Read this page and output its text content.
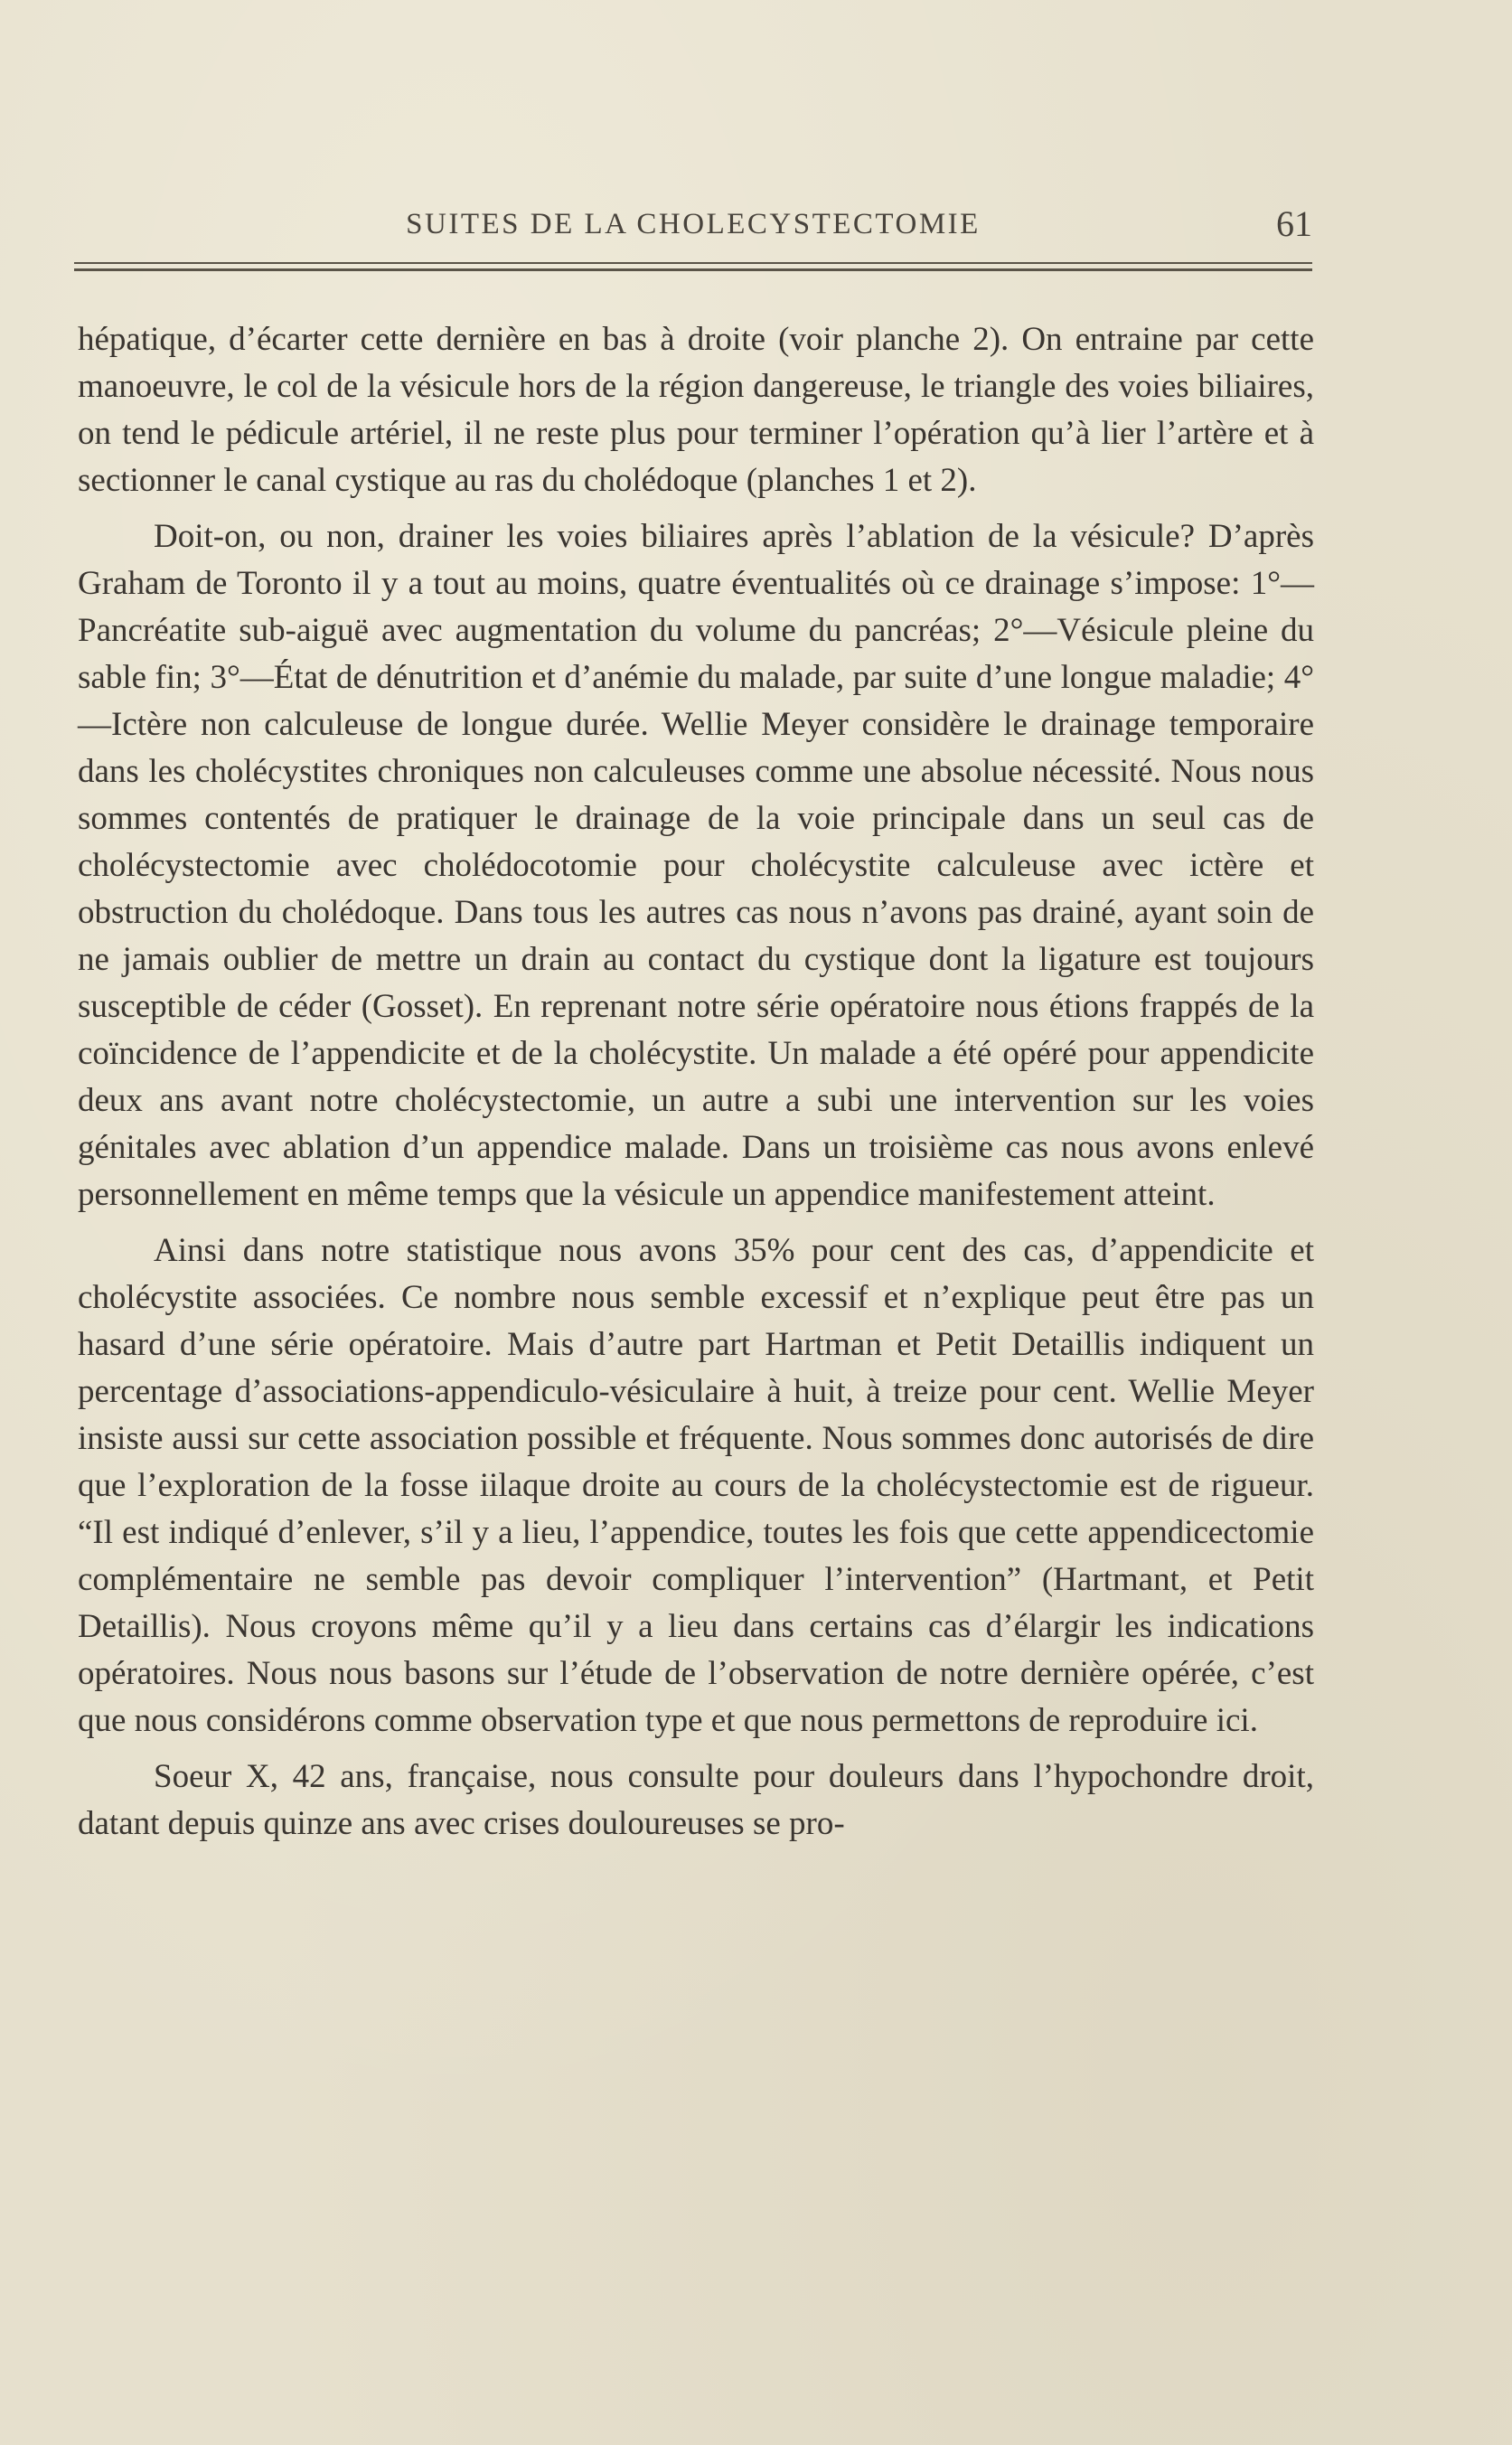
SUITES DE LA CHOLECYSTECTOMIE	61

hépatique, d’écarter cette dernière en bas à droite (voir planche 2). On entraine par cette manoeuvre, le col de la vésicule hors de la région dangereuse, le triangle des voies biliaires, on tend le pédicule artériel, il ne reste plus pour terminer l’opération qu’à lier l’artère et à sectionner le canal cystique au ras du cholédoque (planches 1 et 2).

Doit-on, ou non, drainer les voies biliaires après l’ablation de la vésicule? D’après Graham de Toronto il y a tout au moins, quatre éventualités où ce drainage s’impose: 1°—Pancréatite sub-aiguë avec augmentation du volume du pancréas; 2°—Vésicule pleine du sable fin; 3°—État de dénutrition et d’anémie du malade, par suite d’une longue maladie; 4°—Ictère non calculeuse de longue durée. Wellie Meyer considère le drainage temporaire dans les cholécystites chroniques non calculeuses comme une absolue nécessité. Nous nous sommes contentés de pratiquer le drainage de la voie principale dans un seul cas de cholécystectomie avec cholédocotomie pour cholécystite calculeuse avec ictère et obstruction du cholédoque. Dans tous les autres cas nous n’avons pas drainé, ayant soin de ne jamais oublier de mettre un drain au contact du cystique dont la ligature est toujours susceptible de céder (Gosset). En reprenant notre série opératoire nous étions frappés de la coïncidence de l’appendicite et de la cholécystite. Un malade a été opéré pour appendicite deux ans avant notre cholécystectomie, un autre a subi une intervention sur les voies génitales avec ablation d’un appendice malade. Dans un troisième cas nous avons enlevé personnellement en même temps que la vésicule un appendice manifestement atteint.

Ainsi dans notre statistique nous avons 35% pour cent des cas, d’appendicite et cholécystite associées. Ce nombre nous semble excessif et n’explique peut être pas un hasard d’une série opératoire. Mais d’autre part Hartman et Petit Detaillis indiquent un percentage d’associations-appendiculo-vésiculaire à huit, à treize pour cent. Wellie Meyer insiste aussi sur cette association possible et fréquente. Nous sommes donc autorisés de dire que l’exploration de la fosse iilaque droite au cours de la cholécystectomie est de rigueur. “Il est indiqué d’enlever, s’il y a lieu, l’appendice, toutes les fois que cette appendicectomie complémentaire ne semble pas devoir compliquer l’intervention” (Hartmant, et Petit Detaillis). Nous croyons même qu’il y a lieu dans certains cas d’élargir les indications opératoires. Nous nous basons sur l’étude de l’observation de notre dernière opérée, c’est que nous considérons comme observation type et que nous permettons de reproduire ici.

Soeur X, 42 ans, française, nous consulte pour douleurs dans l’hypochondre droit, datant depuis quinze ans avec crises douloureuses se pro-
